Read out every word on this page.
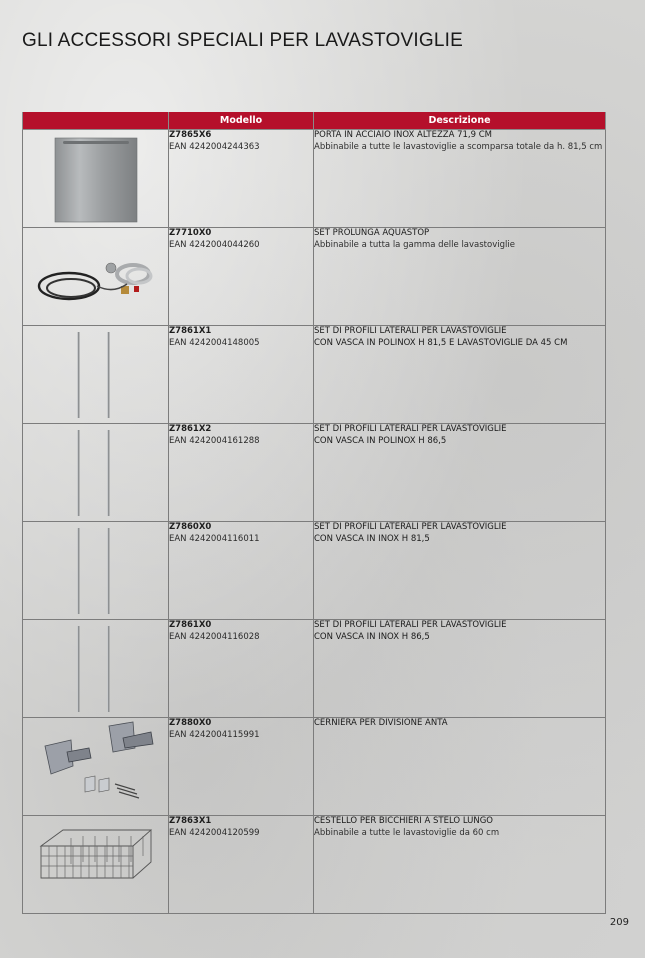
GLI ACCESSORI SPECIALI PER LAVASTOVIGLIE
	Modello	Descrizione

Z7865X6
EAN 4242004244363	PORTA IN ACCIAIO INOX ALTEZZA 71,9 CM
Abbinabile a tutte le lavastoviglie a scomparsa totale da h. 81,5 cm

Z7710X0
EAN 4242004044260	SET PROLUNGA AQUASTOP
Abbinabile a tutta la gamma delle lavastoviglie

Z7861X1
EAN 4242004148005	SET DI PROFILI LATERALI PER LAVASTOVIGLIE
CON VASCA IN POLINOX H 81,5 E LAVASTOVIGLIE DA 45 CM

Z7861X2
EAN 4242004161288	SET DI PROFILI LATERALI PER LAVASTOVIGLIE
CON VASCA IN POLINOX H 86,5

Z7860X0
EAN 4242004116011	SET DI PROFILI LATERALI PER LAVASTOVIGLIE
CON VASCA IN INOX H 81,5

Z7861X0
EAN 4242004116028	SET DI PROFILI LATERALI PER LAVASTOVIGLIE
CON VASCA IN INOX H 86,5

Z7880X0
EAN 4242004115991	CERNIERA PER DIVISIONE ANTA

Z7863X1
EAN 4242004120599	CESTELLO PER BICCHIERI A STELO LUNGO
Abbinabile a tutte le lavastoviglie da 60 cm
209
